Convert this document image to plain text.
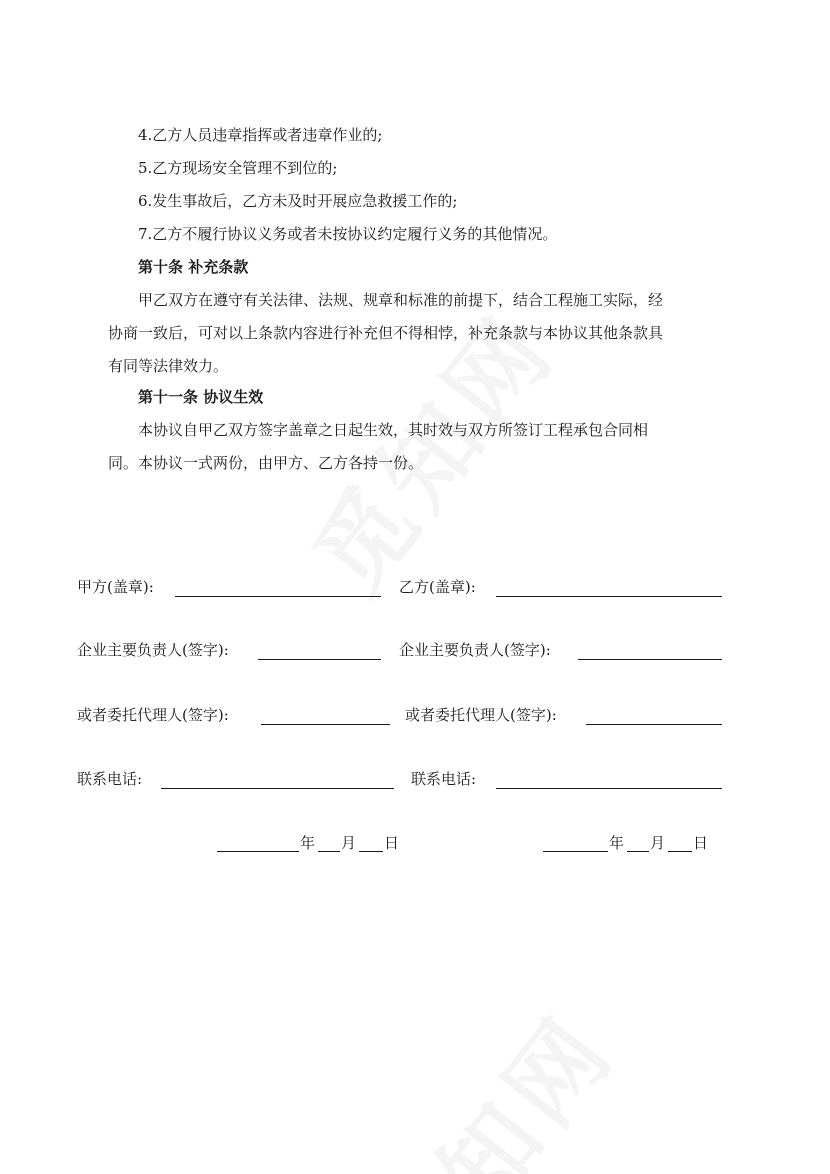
4.乙方人员违章指挥或者违章作业的;
5.乙方现场安全管理不到位的;
6.发生事故后，乙方未及时开展应急救援工作的;
7.乙方不履行协议义务或者未按协议约定履行义务的其他情况。
第十条 补充条款
甲乙双方在遵守有关法律、法规、规章和标准的前提下，结合工程施工实际，经
协商一致后，可对以上条款内容进行补充但不得相悖，补充条款与本协议其他条款具
有同等法律效力。
第十一条 协议生效
本协议自甲乙双方签字盖章之日起生效，其时效与双方所签订工程承包合同相
同。本协议一式两份，由甲方、乙方各持一份。
甲方(盖章):	乙方(盖章):
企业主要负责人(签字):	企业主要负责人(签字):
或者委托代理人(签字):	或者委托代理人(签字):
联系电话:	联系电话:
年 月 日	年 月 日
